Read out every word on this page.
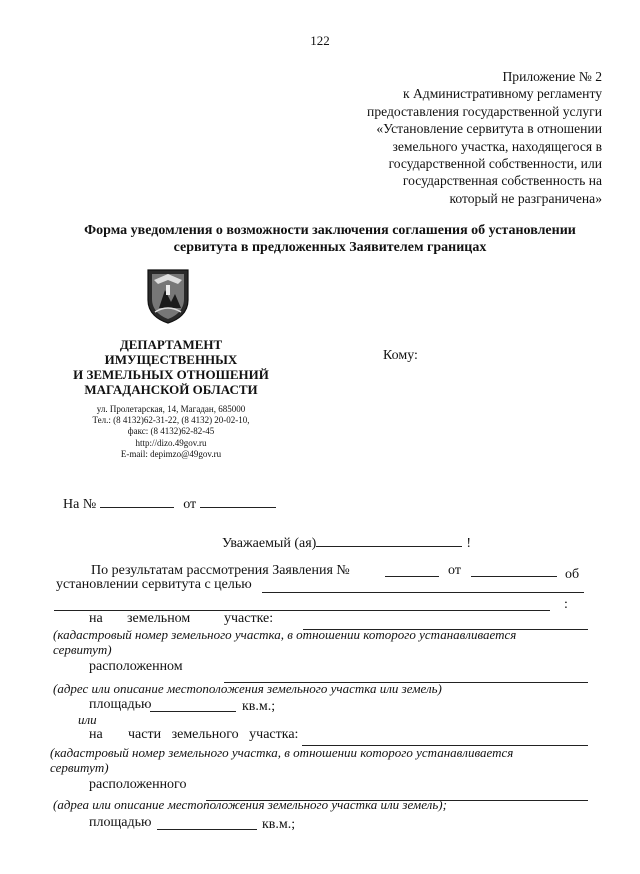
122
Приложение № 2
к Административному регламенту
предоставления государственной услуги
«Установление сервитута в отношении
земельного участка, находящегося в
государственной собственности, или
государственная собственность на
который не разграничена»
Форма уведомления о возможности заключения соглашения об установлении
сервитута в предложенных Заявителем границах
ДЕПАРТАМЕНТ
ИМУЩЕСТВЕННЫХ
И ЗЕМЕЛЬНЫХ ОТНОШЕНИЙ
МАГАДАНСКОЙ ОБЛАСТИ
ул. Пролетарская, 14, Магадан, 685000
Тел.: (8 4132)62-31-22, (8 4132) 20-02-10,
факс: (8 4132)62-82-45
http://dizo.49gov.ru
E-mail: depimzo@49gov.ru
Кому:
На №	от
Уважаемый (ая)	!
По результатам рассмотрения Заявления №	от	об
установлении сервитута с целью
:
на земельном участке:
(кадастровый номер земельного участка, в отношении которого устанавливается
сервитут)
расположенном
(адрес или описание местоположения земельного участка или земель)
площадью	кв.м.;
или
на части   земельного   участка:
(кадастровый номер земельного участка, в отношении которого устанавливается
сервитут)
расположенного
(адреа или описание местоположения земельного участка или земель);
площадью	кв.м.;
